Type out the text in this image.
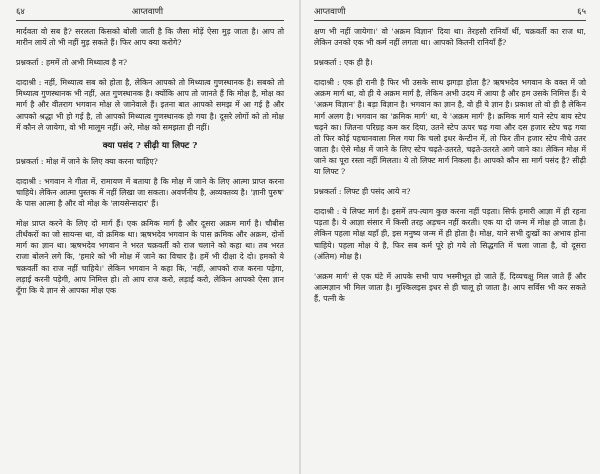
६४	आप्तवाणी

मार्दवता वो सब है? सरलता किसको बोली जाती है कि जैसा मोड़ें ऐसा मुड़ जाता है। आप तो मारीन लायें तो भी नहीं मुड़ सकते हैं। फिर आप क्या करोगे?

प्रश्नकर्ता : हममें तो अभी मिथ्यात्व है न?

दादाश्री : नहीं, मिथ्यात्व सब को होता है, लेकिन आपको तो मिथ्यात्व गुणस्थानक है। सबको तो मिथ्यात्व गुणस्थानक भी नहीं, अत गुणस्थानक है। क्योंकि आप तो जानते हैं कि मोक्ष है, मोक्ष का मार्ग है और वीतराग भगवान मोक्ष ले जानेवाले हैं। इतना बात आपको समझ में आ गई है और आपको श्रद्धा भी हो गई है, तो आपको मिथ्यात्व गुणस्थानक हो गया है। दूसरे लोगों को तो मोक्ष में कौन ले जायेगा, वो भी मालूम नहीं। अरे, मोक्ष को समझता ही नहीं।

क्या पसंद ? सीढ़ी या लिफ्ट ?

प्रश्नकर्ता : मोक्ष में जाने के लिए क्या करना चाहिए?

दादाश्री : भगवान ने गीता में, रामायण में बताया है कि मोक्ष में जाने के लिए आत्मा प्राप्त करना चाहिये। लेकिन आत्मा पुस्तक में नहीं लिखा जा सकता। अवर्णनीय है, अव्यक्तव्य है। 'ज्ञानी पुरुष' के पास आत्मा है और वो मोक्ष के 'लायसेन्सदार' हैं।

मोक्ष प्राप्त करने के लिए दो मार्ग हैं। एक क्रमिक मार्ग है और दूसरा अक्रम मार्ग है। चौबीस तीर्थंकरों का जो सायन्स था, वो क्रमिक था। ऋषभदेव भगवान के पास क्रमिक और अक्रम, दोनों मार्ग का ज्ञान था। ऋषभदेव भगवान ने भरत चक्रवर्ती को राज चलाने को कहा था। तब भरत राजा बोलने लगे कि, 'हमारे को भी मोक्ष में जाने का विचार है। हमें भी दीक्षा दे दो। हमको ये चक्रवर्ती का राज नहीं चाहिये।' लेकिन भगवान ने कहा कि, 'नहीं, आपको राज करना पड़ेगा, लड़ाई करनी पड़ेगी, आप निमित्त हो। तो आप राज करो, लड़ाई करो, लेकिन आपको ऐसा ज्ञान दूँगा कि ये ज्ञान से आपका मोक्ष एक

आप्तवाणी	६५

क्षण भी नहीं जायेगा।' वो 'अक्रम विज्ञान' दिया था। तेरहसौ रानियाँ थीं, चक्रवर्ती का राज था, लेकिन उनको एक भी कर्म नहीं लगता था। आपको कितनी रानियाँ हैं?

प्रश्नकर्ता : एक ही है।

दादाश्री : एक ही रानी है फिर भी उसके साथ झगड़ा होता है? ऋषभदेव भगवान के वक्त में जो अक्रम मार्ग था, वो ही ये अक्रम मार्ग है, लेकिन अभी उदय में आया है और हम उसके निमित्त हैं। ये 'अक्रम विज्ञान' है। बड़ा विज्ञान है। भगवान का ज्ञान है, वो ही ये ज्ञान है। प्रकाश तो वो ही है लेकिन मार्ग अलग है। भगवान का 'क्रमिक मार्ग' था, ये 'अक्रम मार्ग' है। क्रमिक मार्ग याने स्टेप बाय स्टेप चढ़ने का। जितना परिग्रह कम कर दिया, उतने स्टेप ऊपर चढ़ गया और दस हजार स्टेप चढ़ गया तो फिर कोई पहचानवाला मिल गया कि चलो इधर केन्टीन में, तो फिर तीन हजार स्टेप नीचे उतर जाता है। ऐसे मोक्ष में जाने के लिए स्टेप चढ़ते-उतरते, चढ़ते-उतरते आगे जाने का। लेकिन मोक्ष में जाने का पूरा रस्ता नहीं मिलता। ये तो लिफ्ट मार्ग निकला है। आपको कौन सा मार्ग पसंद है? सीढ़ी या लिफ्ट ?

प्रश्नकर्ता : लिफ्ट ही पसंद आये न?

दादाश्री : ये लिफ्ट मार्ग है। इसमें तप-त्याग कुछ करना नहीं पड़ता। सिर्फ हमारी आज्ञा में ही रहना पड़ता है। ये आज्ञा संसार में किसी तरह अड़चन नहीं करती। एक या दो जन्म में मोक्ष हो जाता है। लेकिन पहला मोक्ष यहाँ ही, इस मनुष्य जन्म में ही होता है। मोक्ष, याने सभी दुःखों का अभाव होना चाहिये। पहला मोक्ष ये है, फिर सब कर्म पूरे हो गये तो सिद्धगति में चला जाता है, वो दूसरा (अंतिम) मोक्ष है।

'अक्रम मार्ग' से एक घंटे में आपके सभी पाप भस्मीभूत हो जाते हैं, दिव्यचक्षु मिल जाते हैं और आत्मज्ञान भी मिल जाता है। मुश्किलइस इधर से ही चालू हो जाता है। आप सर्विस भी कर सकते हैं, पत्नी के
